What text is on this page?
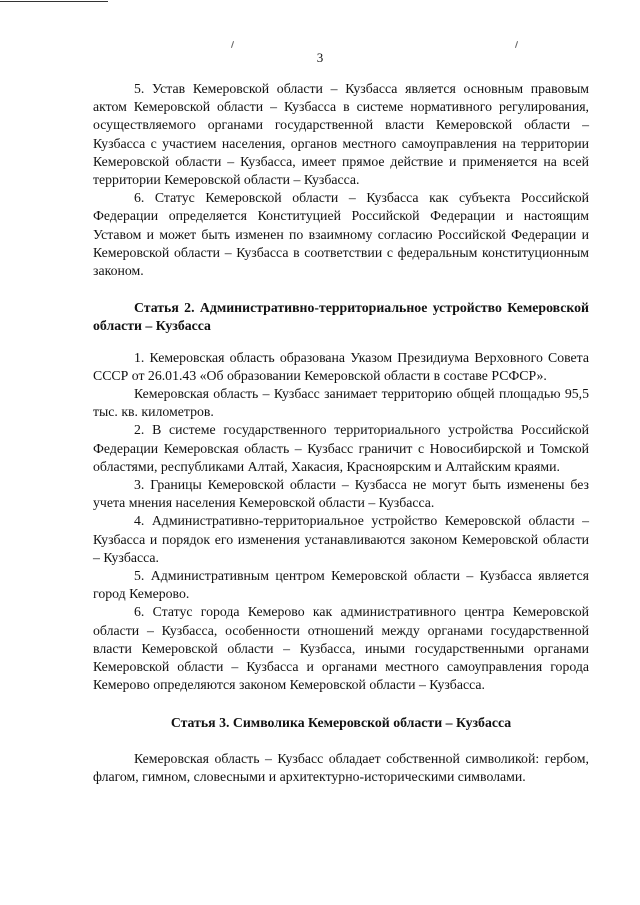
3

5. Устав Кемеровской области – Кузбасса является основным правовым актом Кемеровской области – Кузбасса в системе нормативного регулирования, осуществляемого органами государственной власти Кемеровской области – Кузбасса с участием населения, органов местного самоуправления на территории Кемеровской области – Кузбасса, имеет прямое действие и применяется на всей территории Кемеровской области – Кузбасса.

6. Статус Кемеровской области – Кузбасса как субъекта Российской Федерации определяется Конституцией Российской Федерации и настоящим Уставом и может быть изменен по взаимному согласию Российской Федерации и Кемеровской области – Кузбасса в соответствии с федеральным конституционным законом.

Статья 2. Административно-территориальное устройство Кемеровской области – Кузбасса

1. Кемеровская область образована Указом Президиума Верховного Совета СССР от 26.01.43 «Об образовании Кемеровской области в составе РСФСР».

Кемеровская область – Кузбасс занимает территорию общей площадью 95,5 тыс. кв. километров.

2. В системе государственного территориального устройства Российской Федерации Кемеровская область – Кузбасс граничит с Новосибирской и Томской областями, республиками Алтай, Хакасия, Красноярским и Алтайским краями.

3. Границы Кемеровской области – Кузбасса не могут быть изменены без учета мнения населения Кемеровской области – Кузбасса.

4. Административно-территориальное устройство Кемеровской области – Кузбасса и порядок его изменения устанавливаются законом Кемеровской области – Кузбасса.

5. Административным центром Кемеровской области – Кузбасса является город Кемерово.

6. Статус города Кемерово как административного центра Кемеровской области – Кузбасса, особенности отношений между органами государственной власти Кемеровской области – Кузбасса, иными государственными органами Кемеровской области – Кузбасса и органами местного самоуправления города Кемерово определяются законом Кемеровской области – Кузбасса.

Статья 3. Символика Кемеровской области – Кузбасса

Кемеровская область – Кузбасс обладает собственной символикой: гербом, флагом, гимном, словесными и архитектурно-историческими символами.
